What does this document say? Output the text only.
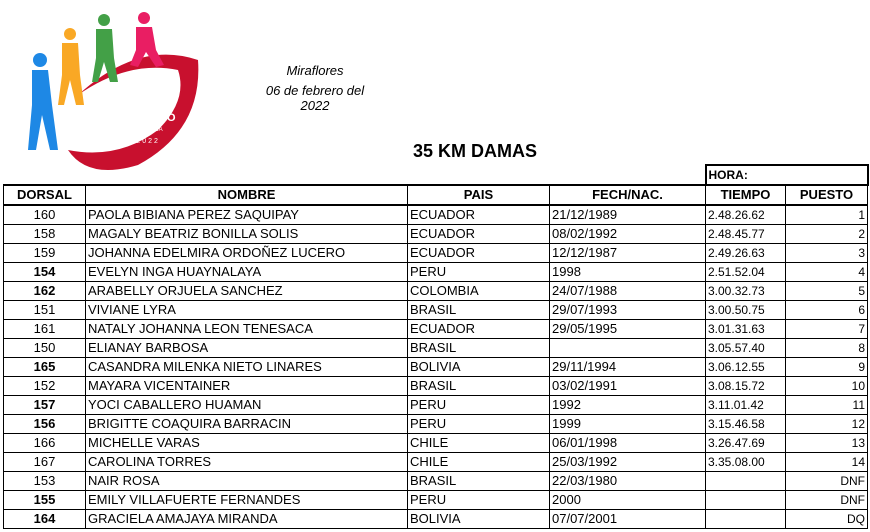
CAMPEONATO
SUDAMERICANO
DE MARCHA ATLÉTICA
LIMA - 2022
Miraflores
06 de febrero del 2022
35 KM DAMAS
				HORA:	
DORSAL	NOMBRE	PAIS	FECH/NAC.	TIEMPO	PUESTO
160	PAOLA BIBIANA PEREZ SAQUIPAY	ECUADOR	21/12/1989	2.48.26.62	1
158	MAGALY BEATRIZ BONILLA SOLIS	ECUADOR	08/02/1992	2.48.45.77	2
159	JOHANNA EDELMIRA ORDOÑEZ LUCERO	ECUADOR	12/12/1987	2.49.26.63	3
154	EVELYN INGA HUAYNALAYA	PERU	1998	2.51.52.04	4
162	ARABELLY ORJUELA SANCHEZ	COLOMBIA	24/07/1988	3.00.32.73	5
151	VIVIANE LYRA	BRASIL	29/07/1993	3.00.50.75	6
161	NATALY JOHANNA LEON TENESACA	ECUADOR	29/05/1995	3.01.31.63	7
150	ELIANAY BARBOSA	BRASIL		3.05.57.40	8
165	CASANDRA MILENKA NIETO LINARES	BOLIVIA	29/11/1994	3.06.12.55	9
152	MAYARA VICENTAINER	BRASIL	03/02/1991	3.08.15.72	10
157	YOCI CABALLERO HUAMAN	PERU	1992	3.11.01.42	11
156	BRIGITTE COAQUIRA BARRACIN	PERU	1999	3.15.46.58	12
166	MICHELLE VARAS	CHILE	06/01/1998	3.26.47.69	13
167	CAROLINA TORRES	CHILE	25/03/1992	3.35.08.00	14
153	NAIR ROSA	BRASIL	22/03/1980		DNF
155	EMILY VILLAFUERTE FERNANDES	PERU	2000		DNF
164	GRACIELA AMAJAYA MIRANDA	BOLIVIA	07/07/2001		DQ
